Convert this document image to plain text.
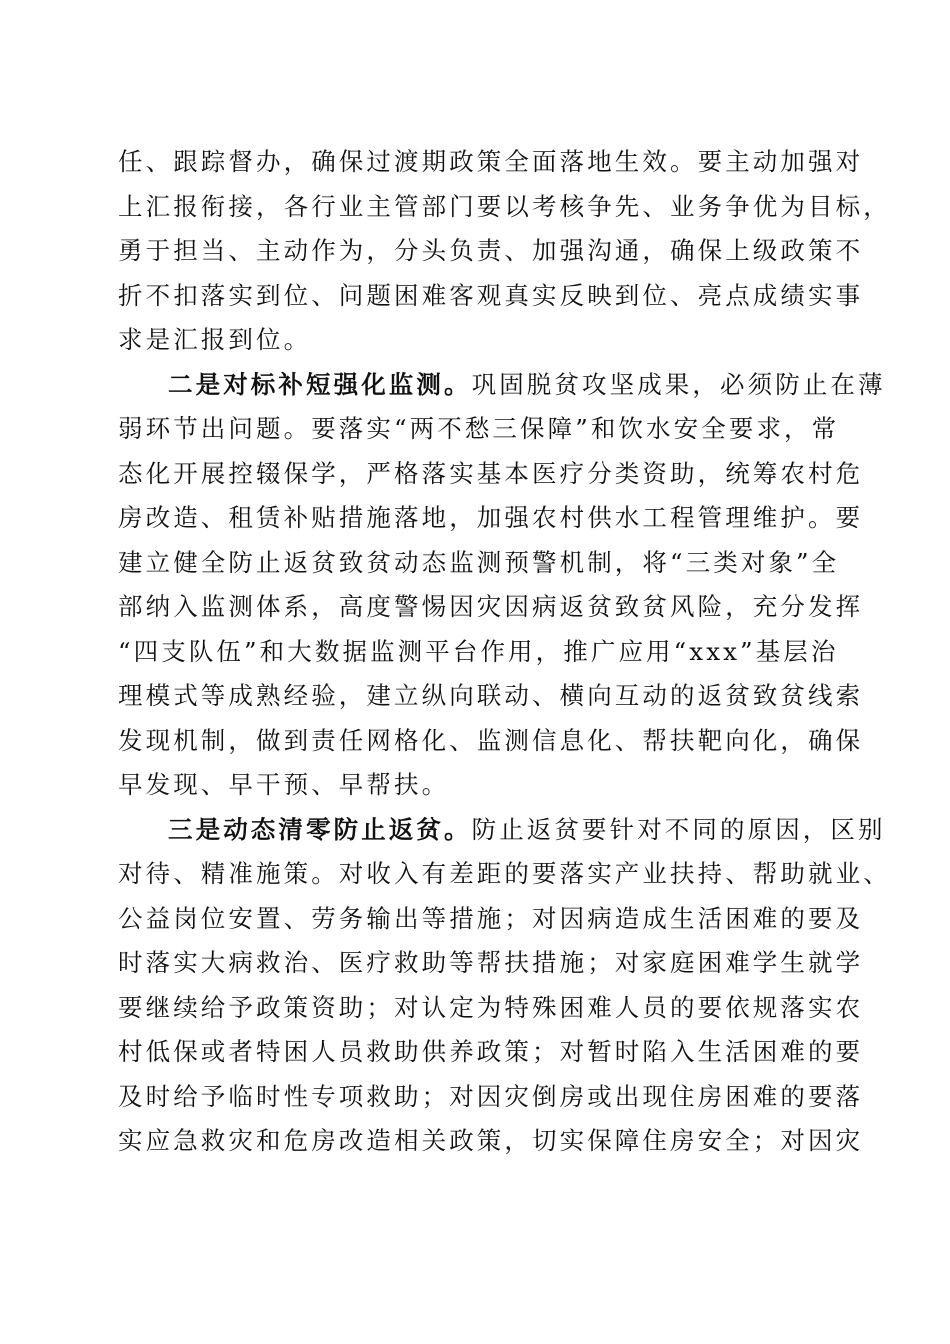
任、跟踪督办，确保过渡期政策全面落地生效。要主动加强对
上汇报衔接，各行业主管部门要以考核争先、业务争优为目标，
勇于担当、主动作为，分头负责、加强沟通，确保上级政策不
折不扣落实到位、问题困难客观真实反映到位、亮点成绩实事
求是汇报到位。
二是对标补短强化监测。巩固脱贫攻坚成果，必须防止在薄
弱环节出问题。要落实“两不愁三保障”和饮水安全要求，常
态化开展控辍保学，严格落实基本医疗分类资助，统筹农村危
房改造、租赁补贴措施落地，加强农村供水工程管理维护。要
建立健全防止返贫致贫动态监测预警机制，将“三类对象”全
部纳入监测体系，高度警惕因灾因病返贫致贫风险，充分发挥
“四支队伍”和大数据监测平台作用，推广应用“xxx”基层治
理模式等成熟经验，建立纵向联动、横向互动的返贫致贫线索
发现机制，做到责任网格化、监测信息化、帮扶靶向化，确保
早发现、早干预、早帮扶。
三是动态清零防止返贫。防止返贫要针对不同的原因，区别
对待、精准施策。对收入有差距的要落实产业扶持、帮助就业、
公益岗位安置、劳务输出等措施；对因病造成生活困难的要及
时落实大病救治、医疗救助等帮扶措施；对家庭困难学生就学
要继续给予政策资助；对认定为特殊困难人员的要依规落实农
村低保或者特困人员救助供养政策；对暂时陷入生活困难的要
及时给予临时性专项救助；对因灾倒房或出现住房困难的要落
实应急救灾和危房改造相关政策，切实保障住房安全；对因灾
